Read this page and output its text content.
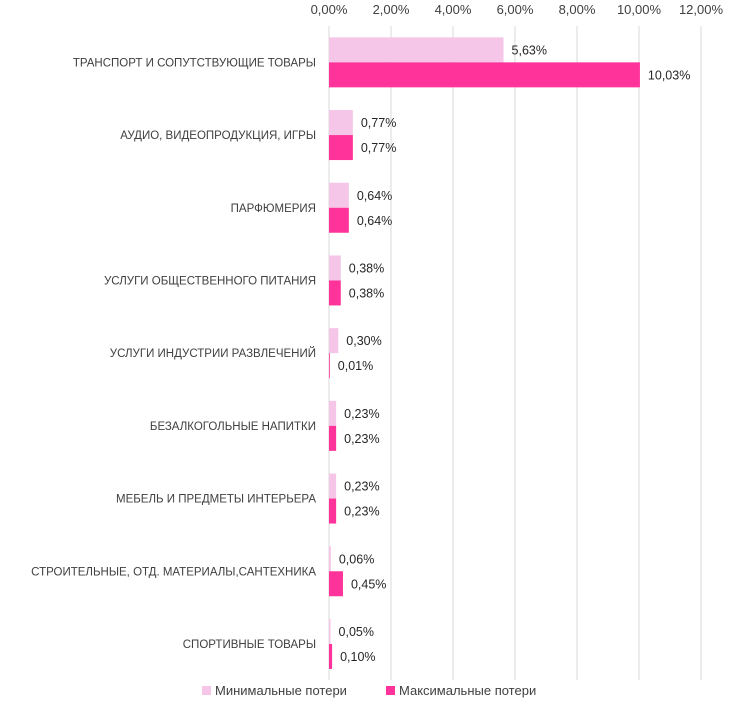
0,00% 2,00% 4,00% 6,00% 8,00% 10,00% 12,00%
ТРАНСПОРТ И СОПУТСТВУЮЩИЕ ТОВАРЫ
АУДИО, ВИДЕОПРОДУКЦИЯ, ИГРЫ
ПАРФЮМЕРИЯ
УСЛУГИ ОБЩЕСТВЕННОГО ПИТАНИЯ
УСЛУГИ ИНДУСТРИИ РАЗВЛЕЧЕНИЙ
БЕЗАЛКОГОЛЬНЫЕ НАПИТКИ
МЕБЕЛЬ И ПРЕДМЕТЫ ИНТЕРЬЕРА
СТРОИТЕЛЬНЫЕ, ОТД. МАТЕРИАЛЫ,САНТЕХНИКА
СПОРТИВНЫЕ ТОВАРЫ
5,63%
10,03%
0,77%
0,77%
0,64%
0,64%
0,38%
0,38%
0,30%
0,01%
0,23%
0,23%
0,23%
0,23%
0,06%
0,45%
0,05%
0,10%
Минимальные потери	Максимальные потери
